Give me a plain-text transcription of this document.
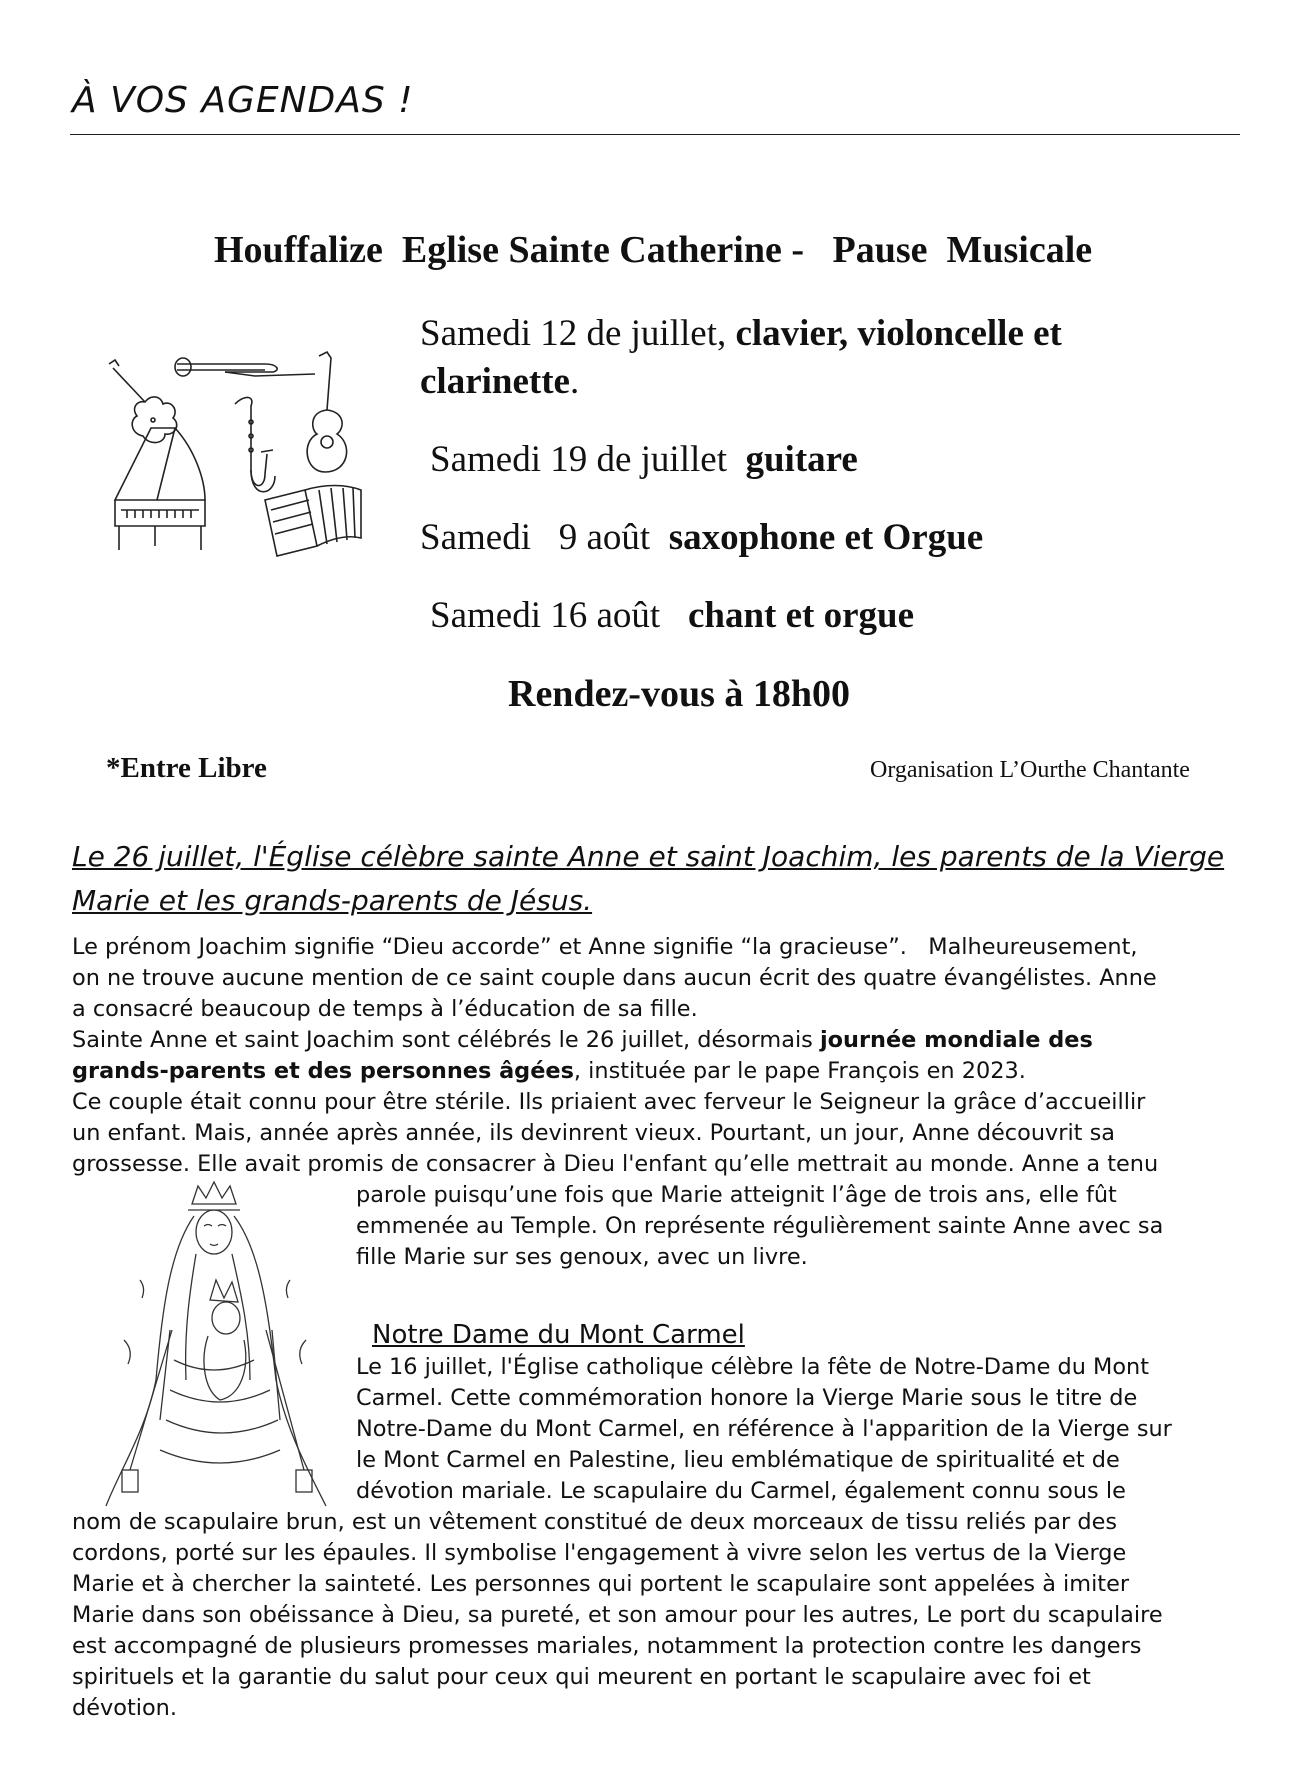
À VOS AGENDAS !
Houffalize  Eglise Sainte Catherine -   Pause  Musicale
Samedi 12 de juillet, clavier, violoncelle et
clarinette.
Samedi 19 de juillet  guitare
Samedi   9 août  saxophone et Orgue
Samedi 16 août   chant et orgue
Rendez-vous à 18h00
*Entre Libre	Organisation L’Ourthe Chantante
Le 26 juillet, l'Église célèbre sainte Anne et saint Joachim, les parents de la Vierge Marie et les grands-parents de Jésus.
Le prénom Joachim signifie “Dieu accorde” et Anne signifie “la gracieuse”.   Malheureusement,
on ne trouve aucune mention de ce saint couple dans aucun écrit des quatre évangélistes. Anne
a consacré beaucoup de temps à l’éducation de sa fille.
Sainte Anne et saint Joachim sont célébrés le 26 juillet, désormais journée mondiale des
grands-parents et des personnes âgées, instituée par le pape François en 2023.
Ce couple était connu pour être stérile. Ils priaient avec ferveur le Seigneur la grâce d’accueillir
un enfant. Mais, année après année, ils devinrent vieux. Pourtant, un jour, Anne découvrit sa
grossesse. Elle avait promis de consacrer à Dieu l'enfant qu’elle mettrait au monde. Anne a tenu
parole puisqu’une fois que Marie atteignit l’âge de trois ans, elle fût
emmenée au Temple. On représente régulièrement sainte Anne avec sa
fille Marie sur ses genoux, avec un livre.
Notre Dame du Mont Carmel
Le 16 juillet, l'Église catholique célèbre la fête de Notre-Dame du Mont
Carmel. Cette commémoration honore la Vierge Marie sous le titre de
Notre-Dame du Mont Carmel, en référence à l'apparition de la Vierge sur
le Mont Carmel en Palestine, lieu emblématique de spiritualité et de
dévotion mariale. Le scapulaire du Carmel, également connu sous le
nom de scapulaire brun, est un vêtement constitué de deux morceaux de tissu reliés par des
cordons, porté sur les épaules. Il symbolise l'engagement à vivre selon les vertus de la Vierge
Marie et à chercher la sainteté. Les personnes qui portent le scapulaire sont appelées à imiter
Marie dans son obéissance à Dieu, sa pureté, et son amour pour les autres, Le port du scapulaire
est accompagné de plusieurs promesses mariales, notamment la protection contre les dangers
spirituels et la garantie du salut pour ceux qui meurent en portant le scapulaire avec foi et
dévotion.
